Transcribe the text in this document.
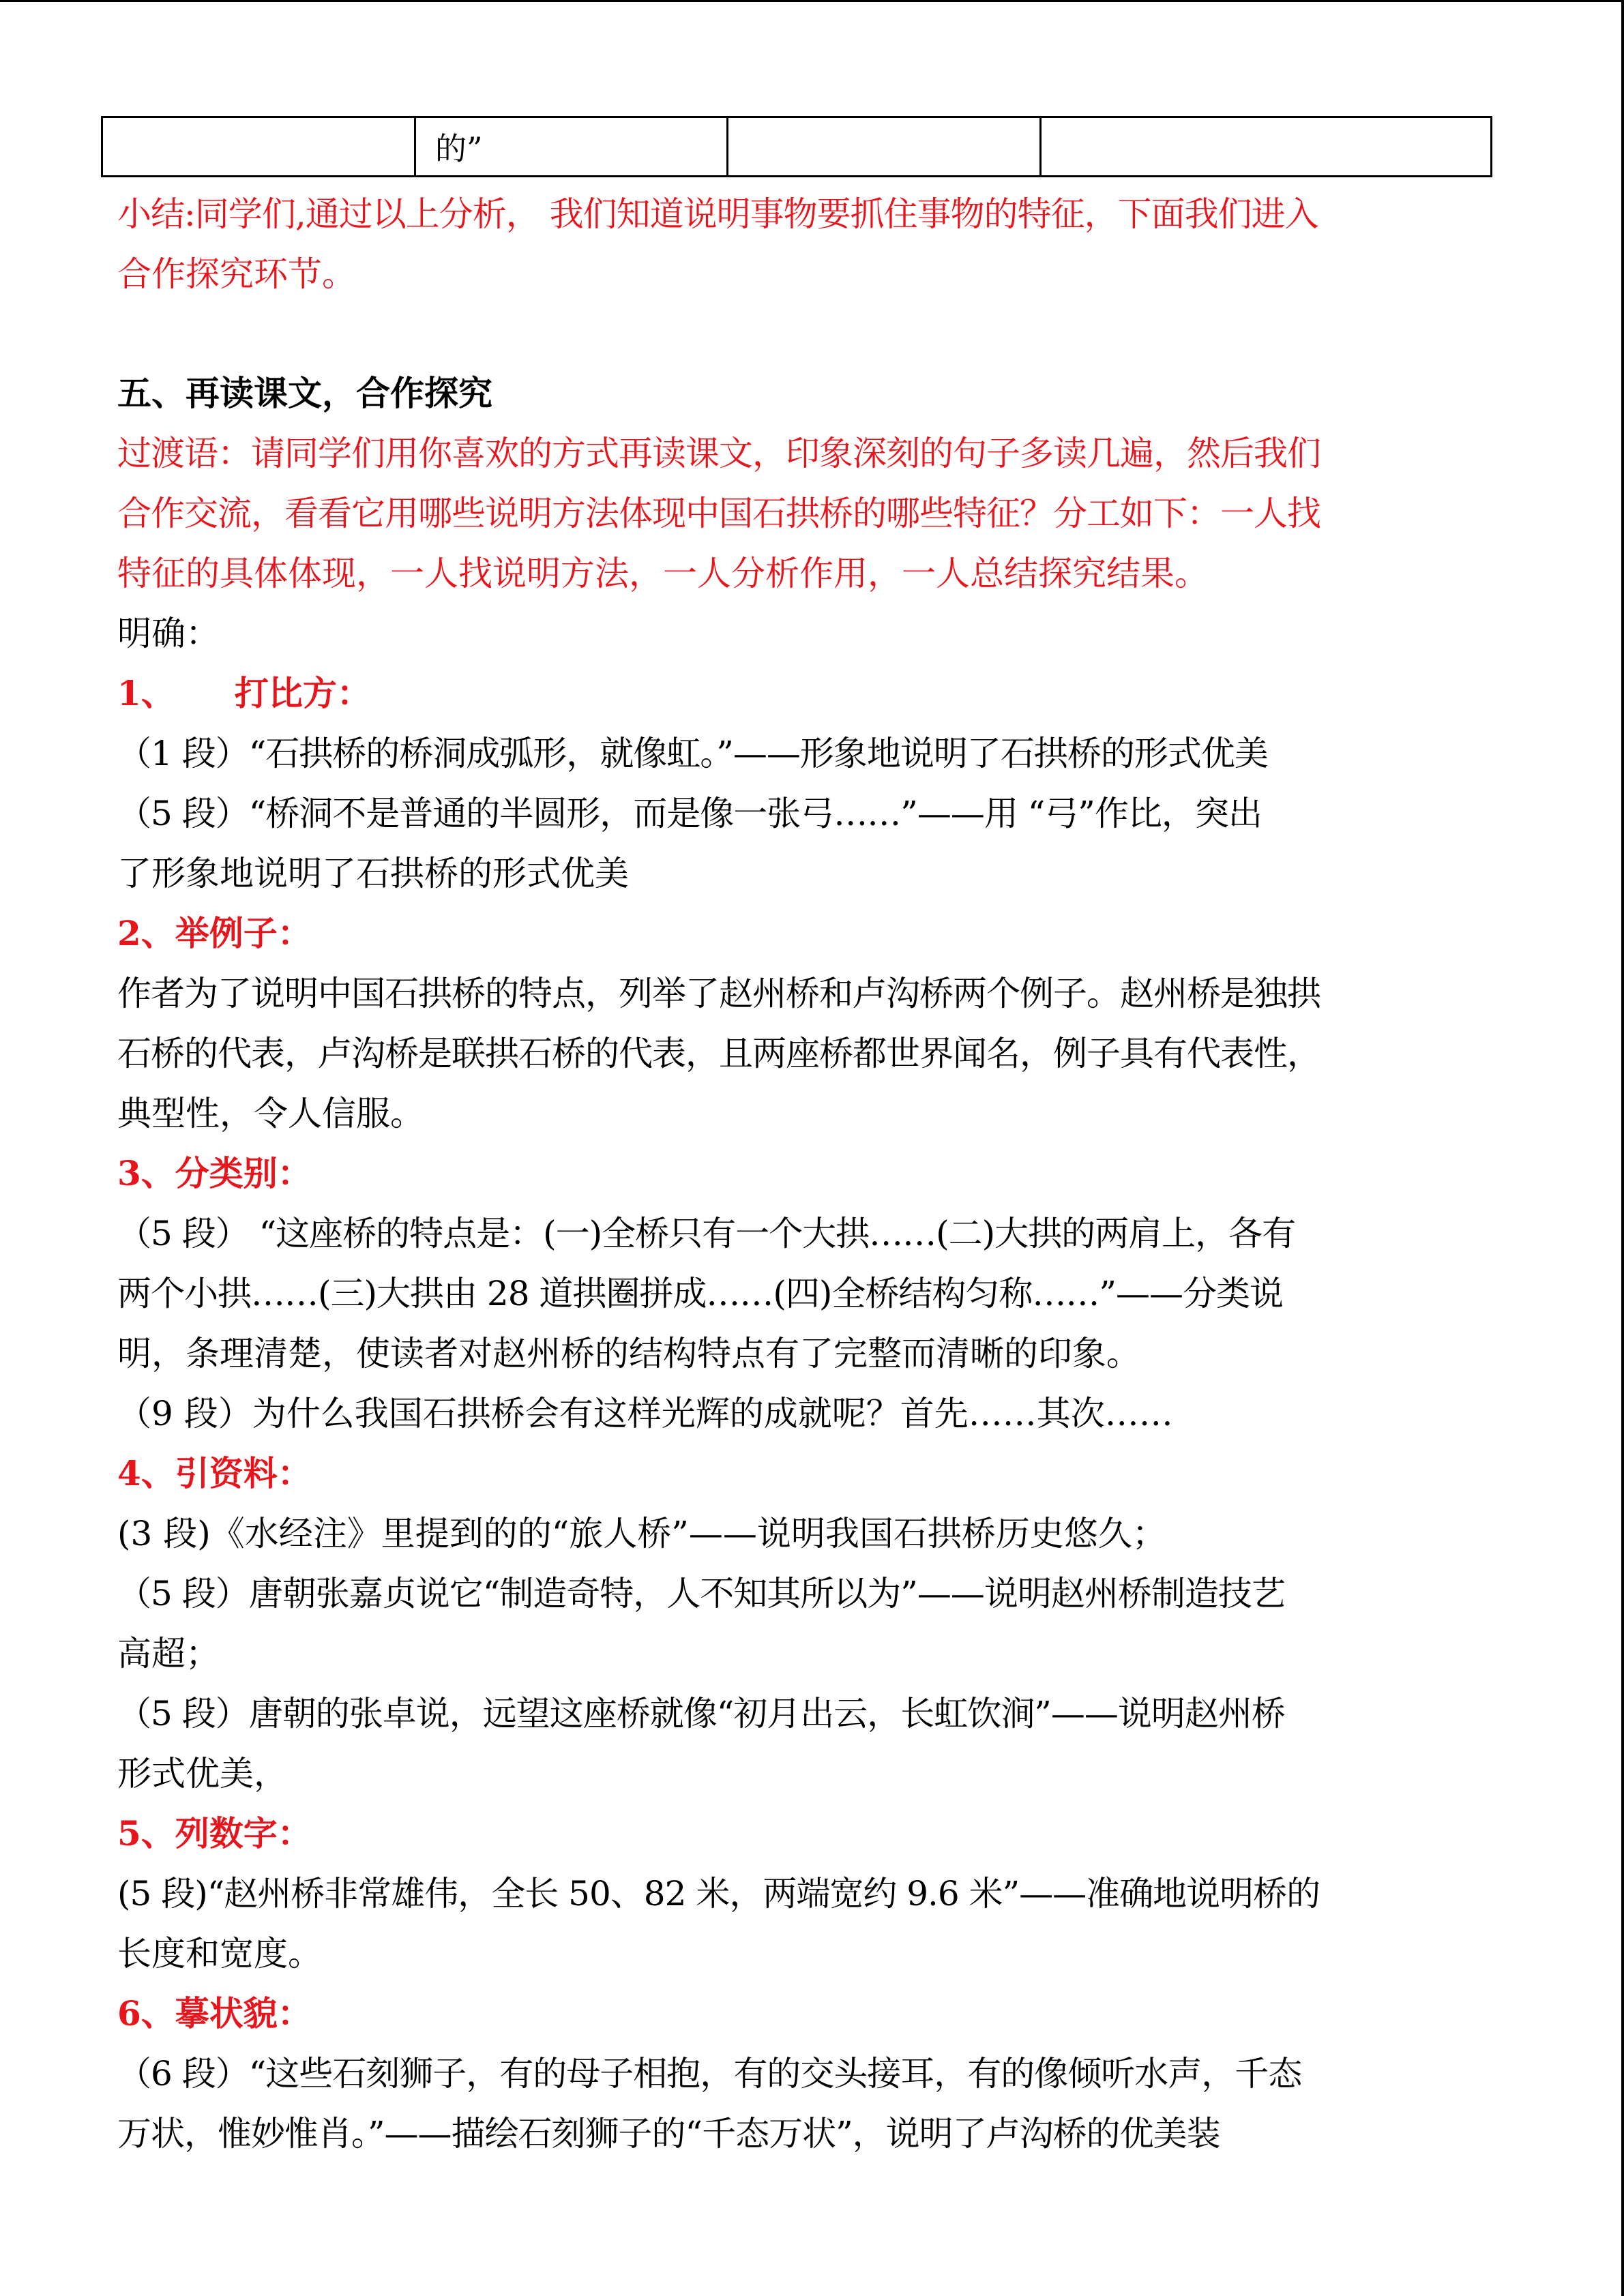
	的”		
小结:同学们,通过以上分析， 我们知道说明事物要抓住事物的特征，下面我们进入
合作探究环节。
五、再读课文，合作探究
过渡语：请同学们用你喜欢的方式再读课文，印象深刻的句子多读几遍，然后我们
合作交流，看看它用哪些说明方法体现中国石拱桥的哪些特征？分工如下：一人找
特征的具体体现，一人找说明方法，一人分析作用，一人总结探究结果。
明确：
1、     打比方：
（1 段）“石拱桥的桥洞成弧形，就像虹。”——形象地说明了石拱桥的形式优美
（5 段）“桥洞不是普通的半圆形，而是像一张弓……”——用 “弓”作比，突出
了形象地说明了石拱桥的形式优美
2、举例子：
作者为了说明中国石拱桥的特点，列举了赵州桥和卢沟桥两个例子。赵州桥是独拱
石桥的代表，卢沟桥是联拱石桥的代表，且两座桥都世界闻名，例子具有代表性，
典型性，令人信服。
3、分类别：
（5 段） “这座桥的特点是：(一)全桥只有一个大拱……(二)大拱的两肩上，各有
两个小拱……(三)大拱由 28 道拱圈拼成……(四)全桥结构匀称……”——分类说
明，条理清楚，使读者对赵州桥的结构特点有了完整而清晰的印象。
（9 段）为什么我国石拱桥会有这样光辉的成就呢？首先……其次……
4、引资料：
(3 段)《水经注》里提到的的“旅人桥”——说明我国石拱桥历史悠久；
（5 段）唐朝张嘉贞说它“制造奇特，人不知其所以为”——说明赵州桥制造技艺
高超；
（5 段）唐朝的张卓说，远望这座桥就像“初月出云，长虹饮涧”——说明赵州桥
形式优美，
5、列数字：
(5 段)“赵州桥非常雄伟，全长 50、82 米，两端宽约 9.6 米”——准确地说明桥的
长度和宽度。
6、摹状貌：
（6 段）“这些石刻狮子，有的母子相抱，有的交头接耳，有的像倾听水声，千态
万状，惟妙惟肖。”——描绘石刻狮子的“千态万状”，说明了卢沟桥的优美装
